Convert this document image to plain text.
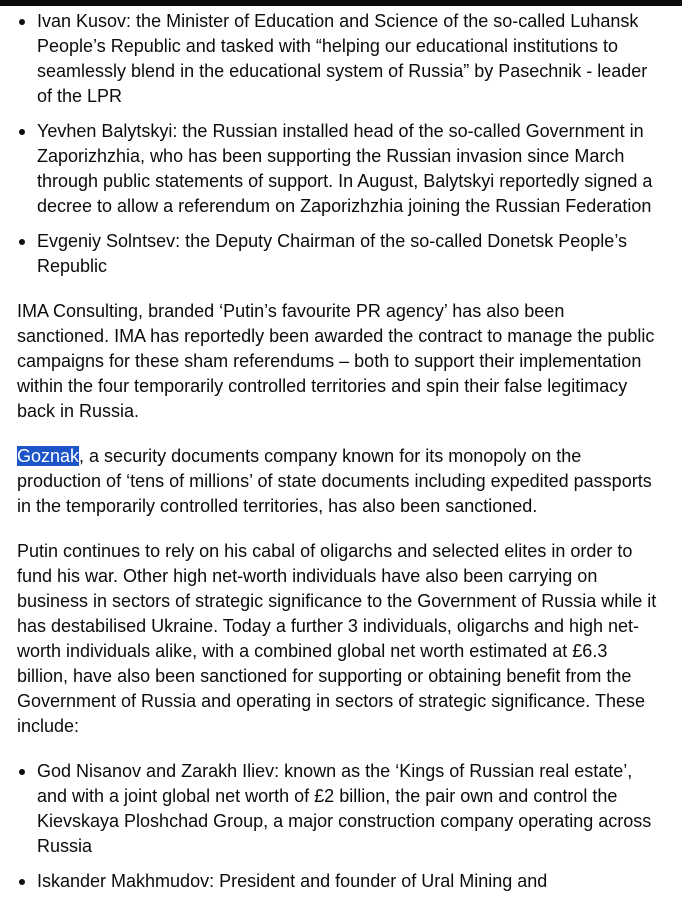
Ivan Kusov: the Minister of Education and Science of the so-called Luhansk People’s Republic and tasked with “helping our educational institutions to seamlessly blend in the educational system of Russia” by Pasechnik - leader of the LPR
Yevhen Balytskyi: the Russian installed head of the so-called Government in Zaporizhzhia, who has been supporting the Russian invasion since March through public statements of support. In August, Balytskyi reportedly signed a decree to allow a referendum on Zaporizhzhia joining the Russian Federation
Evgeniy Solntsev: the Deputy Chairman of the so-called Donetsk People’s Republic

IMA Consulting, branded ‘Putin’s favourite PR agency’ has also been sanctioned. IMA has reportedly been awarded the contract to manage the public campaigns for these sham referendums – both to support their implementation within the four temporarily controlled territories and spin their false legitimacy back in Russia.

Goznak, a security documents company known for its monopoly on the production of ‘tens of millions’ of state documents including expedited passports in the temporarily controlled territories, has also been sanctioned.

Putin continues to rely on his cabal of oligarchs and selected elites in order to fund his war. Other high net-worth individuals have also been carrying on business in sectors of strategic significance to the Government of Russia while it has destabilised Ukraine. Today a further 3 individuals, oligarchs and high net-worth individuals alike, with a combined global net worth estimated at £6.3 billion, have also been sanctioned for supporting or obtaining benefit from the Government of Russia and operating in sectors of strategic significance. These include:

God Nisanov and Zarakh Iliev: known as the ‘Kings of Russian real estate’, and with a joint global net worth of £2 billion, the pair own and control the Kievskaya Ploshchad Group, a major construction company operating across Russia
Iskander Makhmudov: President and founder of Ural Mining and
